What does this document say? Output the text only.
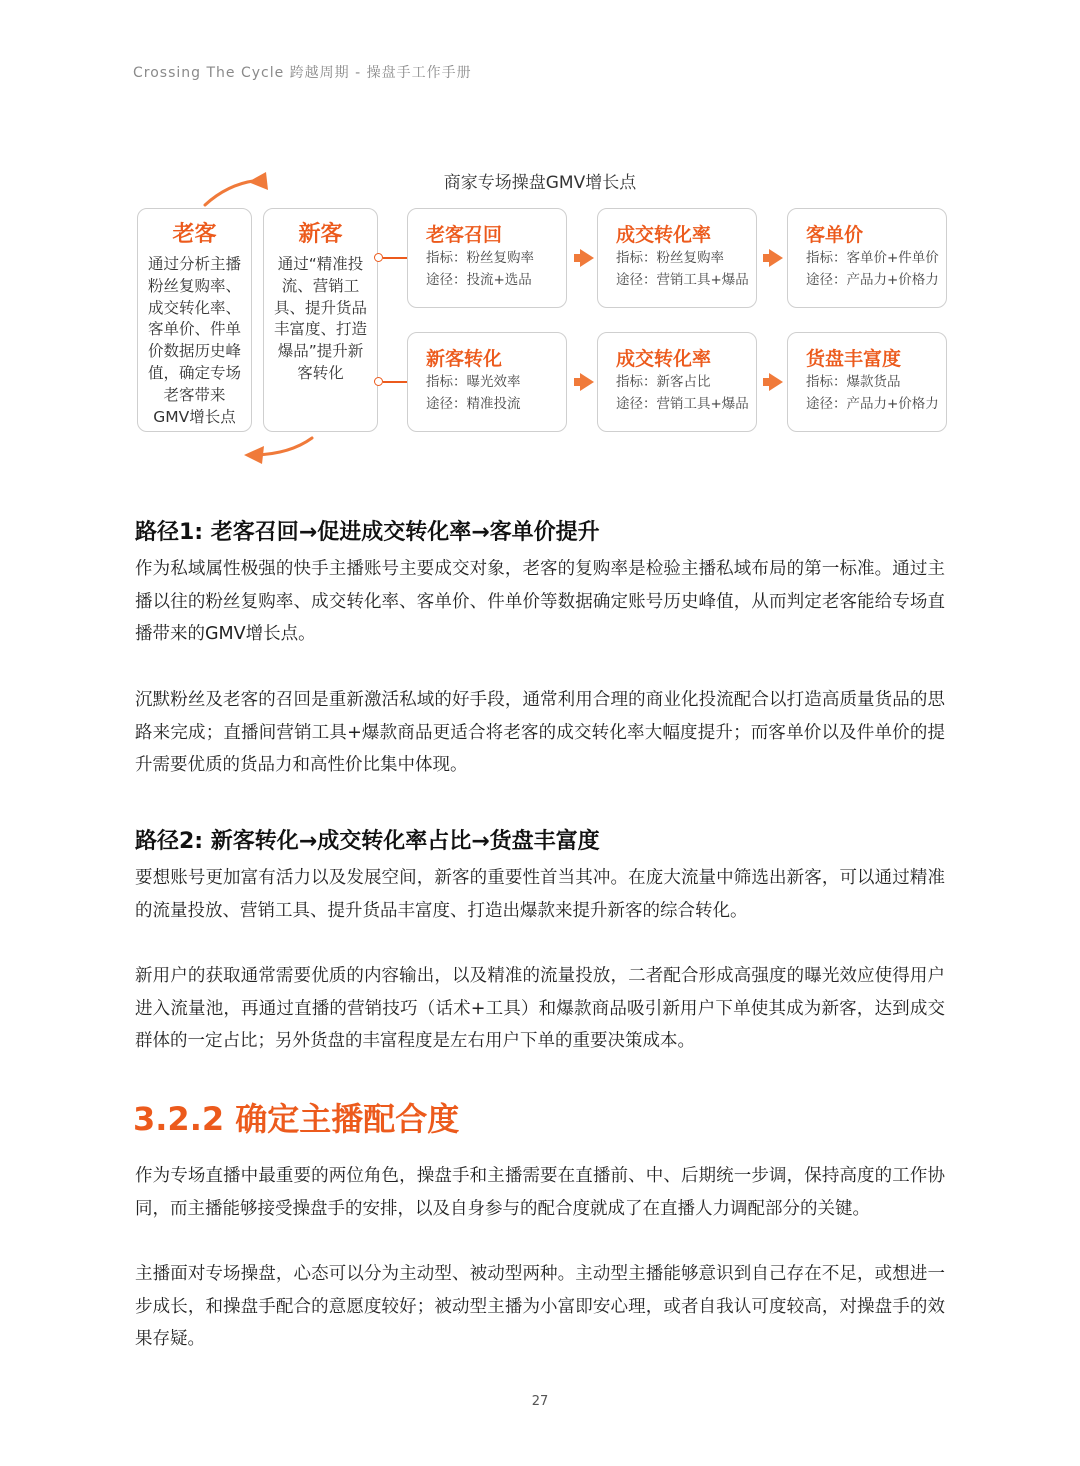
Crossing The Cycle 跨越周期 - 操盘手工作手册
商家专场操盘GMV增长点
老客
通过分析主播
粉丝复购率、
成交转化率、
客单价、件单
价数据历史峰
值，确定专场
老客带来
GMV增长点
新客
通过“精准投
流、营销工
具、提升货品
丰富度、打造
爆品”提升新
客转化
老客召回
指标：粉丝复购率
途径：投流+选品
成交转化率
指标：粉丝复购率
途径：营销工具+爆品
客单价
指标：客单价+件单价
途径：产品力+价格力
新客转化
指标：曝光效率
途径：精准投流
成交转化率
指标：新客占比
途径：营销工具+爆品
货盘丰富度
指标：爆款货品
途径：产品力+价格力
路径1: 老客召回→促进成交转化率→客单价提升
作为私域属性极强的快手主播账号主要成交对象，老客的复购率是检验主播私域布局的第一标准。通过主播以往的粉丝复购率、成交转化率、客单价、件单价等数据确定账号历史峰值，从而判定老客能给专场直播带来的GMV增长点。
沉默粉丝及老客的召回是重新激活私域的好手段，通常利用合理的商业化投流配合以打造高质量货品的思路来完成；直播间营销工具+爆款商品更适合将老客的成交转化率大幅度提升；而客单价以及件单价的提升需要优质的货品力和高性价比集中体现。
路径2: 新客转化→成交转化率占比→货盘丰富度
要想账号更加富有活力以及发展空间，新客的重要性首当其冲。在庞大流量中筛选出新客，可以通过精准的流量投放、营销工具、提升货品丰富度、打造出爆款来提升新客的综合转化。
新用户的获取通常需要优质的内容输出，以及精准的流量投放，二者配合形成高强度的曝光效应使得用户进入流量池，再通过直播的营销技巧（话术+工具）和爆款商品吸引新用户下单使其成为新客，达到成交群体的一定占比；另外货盘的丰富程度是左右用户下单的重要决策成本。
3.2.2 确定主播配合度
作为专场直播中最重要的两位角色，操盘手和主播需要在直播前、中、后期统一步调，保持高度的工作协同，而主播能够接受操盘手的安排，以及自身参与的配合度就成了在直播人力调配部分的关键。
主播面对专场操盘，心态可以分为主动型、被动型两种。主动型主播能够意识到自己存在不足，或想进一步成长，和操盘手配合的意愿度较好；被动型主播为小富即安心理，或者自我认可度较高，对操盘手的效果存疑。
27
